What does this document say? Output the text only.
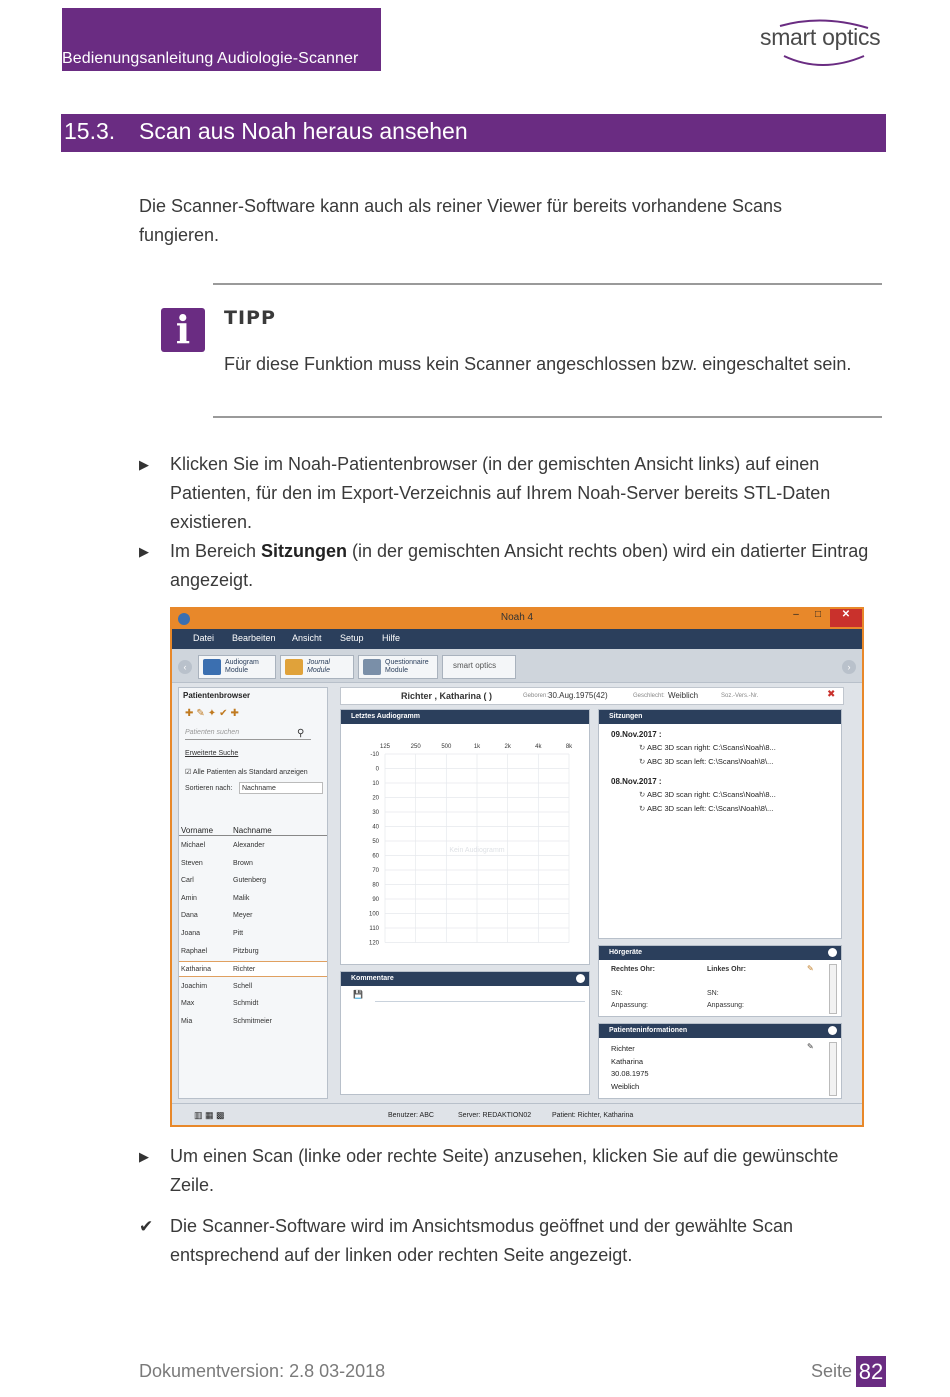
Bedienungsanleitung Audiologie-Scanner
smart optics
15.3. Scan aus Noah heraus ansehen
Die Scanner-Software kann auch als reiner Viewer für bereits vorhandene Scans fungieren.
i	TIPP
Für diese Funktion muss kein Scanner angeschlossen bzw. eingeschaltet sein.
▶	Klicken Sie im Noah-Patientenbrowser (in der gemischten Ansicht links) auf einen Patienten, für den im Export-Verzeichnis auf Ihrem Noah-Server bereits STL-Daten existieren.
▶	Im Bereich Sitzungen (in der gemischten Ansicht rechts oben) wird ein datierter Eintrag angezeigt.
Noah 4	–	□	✕
Datei Bearbeiten Ansicht Setup Hilfe
‹	Audiogram
Module
Journal
Module
Questionnaire
Module
smart optics	›
Patientenbrowser
✚✎✦✔✚
Patienten suchen	⚲
Erweiterte Suche
☑ Alle Patienten als Standard anzeigen
Sortieren nach:	Nachname
Vorname Nachname
Michael	Alexander
Steven	Brown
Carl	Gutenberg
Amin	Malik
Dana	Meyer
Joana	Pitt
Raphael	Pitzburg
Katharina	Richter
Joachim	Schell
Max	Schmidt
Mia	Schmitmeier
Richter , Katharina ( )	Geboren: 30.Aug.1975(42)	Geschlecht: Weiblich	Soz.-Vers.-Nr.	✖
Letztes Audiogramm
125	250	500	1k	2k	4k	8k
-10
0
10
20
30
40
50
60
70
80
90
100
110
120
Kein Audiogramm
Sitzungen
09.Nov.2017 :
↻ ABC 3D scan right: C:\Scans\Noah\8...
↻ ABC 3D scan left: C:\Scans\Noah\8\...
08.Nov.2017 :
↻ ABC 3D scan right: C:\Scans\Noah\8...
↻ ABC 3D scan left: C:\Scans\Noah\8\...
Kommentare
💾
Hörgeräte
Rechtes Ohr:	Linkes Ohr:
SN:	SN:
Anpassung:	Anpassung:
✎
Patienteninformationen
Richter
Katharina
30.08.1975
Weiblich
✎
▥ ▦ ▩	Benutzer: ABC	Server: REDAKTION02	Patient: Richter, Katharina
▶	Um einen Scan (linke oder rechte Seite) anzusehen, klicken Sie auf die gewünschte Zeile.
✔ Die Scanner-Software wird im Ansichtsmodus geöffnet und der gewählte Scan entsprechend auf der linken oder rechten Seite angezeigt.
Dokumentversion: 2.8 03-2018	Seite 82
